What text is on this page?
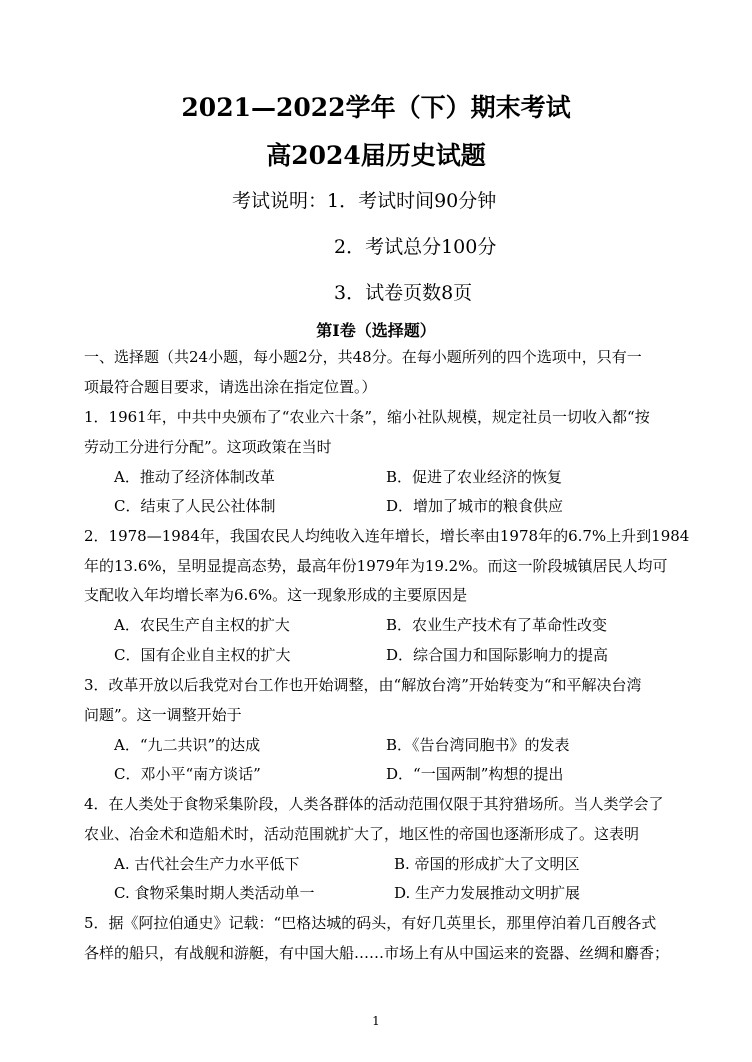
2021—2022学年（下）期末考试
高2024届历史试题
考试说明：1．考试时间90分钟
2．考试总分100分
3．试卷页数8页
第I卷（选择题）
一、选择题（共24小题，每小题2分，共48分。在每小题所列的四个选项中，只有一
项最符合题目要求，请选出涂在指定位置。）
1．1961年，中共中央颁布了“农业六十条”，缩小社队规模，规定社员一切收入都“按
劳动工分进行分配”。这项政策在当时
A．推动了经济体制改革	B．促进了农业经济的恢复
C．结束了人民公社体制	D．增加了城市的粮食供应
2．1978—1984年，我国农民人均纯收入连年增长，增长率由1978年的6.7%上升到1984
年的13.6%，呈明显提高态势，最高年份1979年为19.2%。而这一阶段城镇居民人均可
支配收入年均增长率为6.6%。这一现象形成的主要原因是
A．农民生产自主权的扩大	B．农业生产技术有了革命性改变
C．国有企业自主权的扩大	D．综合国力和国际影响力的提高
3．改革开放以后我党对台工作也开始调整，由“解放台湾”开始转变为“和平解决台湾
问题”。这一调整开始于
A．“九二共识”的达成	B．《告台湾同胞书》的发表
C．邓小平“南方谈话”	D．“一国两制”构想的提出
4．在人类处于食物采集阶段，人类各群体的活动范围仅限于其狩猎场所。当人类学会了
农业、冶金术和造船术时，活动范围就扩大了，地区性的帝国也逐渐形成了。这表明
A. 古代社会生产力水平低下	B. 帝国的形成扩大了文明区
C. 食物采集时期人类活动单一	D. 生产力发展推动文明扩展
5．据《阿拉伯通史》记载：“巴格达城的码头，有好几英里长，那里停泊着几百艘各式
各样的船只，有战舰和游艇，有中国大船……市场上有从中国运来的瓷器、丝绸和麝香；
1
